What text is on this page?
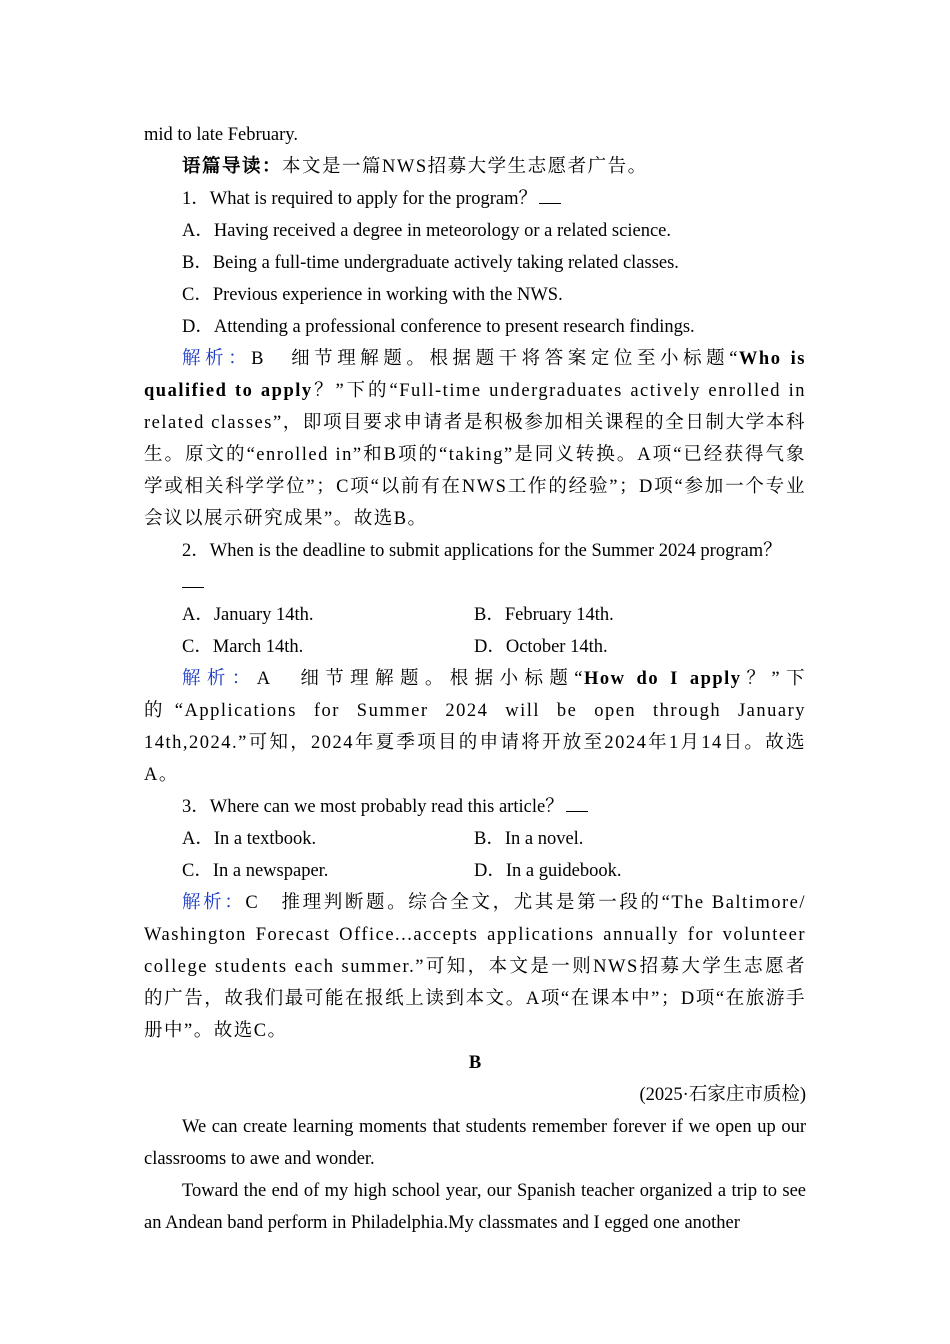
mid to late February.

语篇导读：本文是一篇NWS招募大学生志愿者广告。

1．What is required to apply for the program？

A．Having received a degree in meteorology or a related science.

B．Being a full-time undergraduate actively taking related classes.

C．Previous experience in working with the NWS.

D．Attending a professional conference to present research findings.

解析：B　细节理解题。根据题干将答案定位至小标题“Who is qualified to apply？”下的“Full-time undergraduates actively enrolled in related classes”，即项目要求申请者是积极参加相关课程的全日制大学本科生。原文的“enrolled in”和B项的“taking”是同义转换。A项“已经获得气象学或相关科学学位”；C项“以前有在NWS工作的经验”；D项“参加一个专业会议以展示研究成果”。故选B。

2．When is the deadline to submit applications for the Summer 2024 program？

A．January 14th.	B．February 14th.
C．March 14th.	D．October 14th.

解析：A　细节理解题。根据小标题“How do I apply？”下的“Applications for Summer 2024 will be open through January 14th,2024.”可知，2024年夏季项目的申请将开放至2024年1月14日。故选A。

3．Where can we most probably read this article？

A．In a textbook.	B．In a novel.
C．In a newspaper.	D．In a guidebook.

解析：C　推理判断题。综合全文，尤其是第一段的“The Baltimore/ Washington Forecast Office...accepts applications annually for volunteer college students each summer.”可知，本文是一则NWS招募大学生志愿者的广告，故我们最可能在报纸上读到本文。A项“在课本中”；D项“在旅游手册中”。故选C。

B

(2025·石家庄市质检)

We can create learning moments that students remember forever if we open up our classrooms to awe and wonder.

Toward the end of my high school year, our Spanish teacher organized a trip to see an Andean band perform in Philadelphia.My classmates and I egged one another
